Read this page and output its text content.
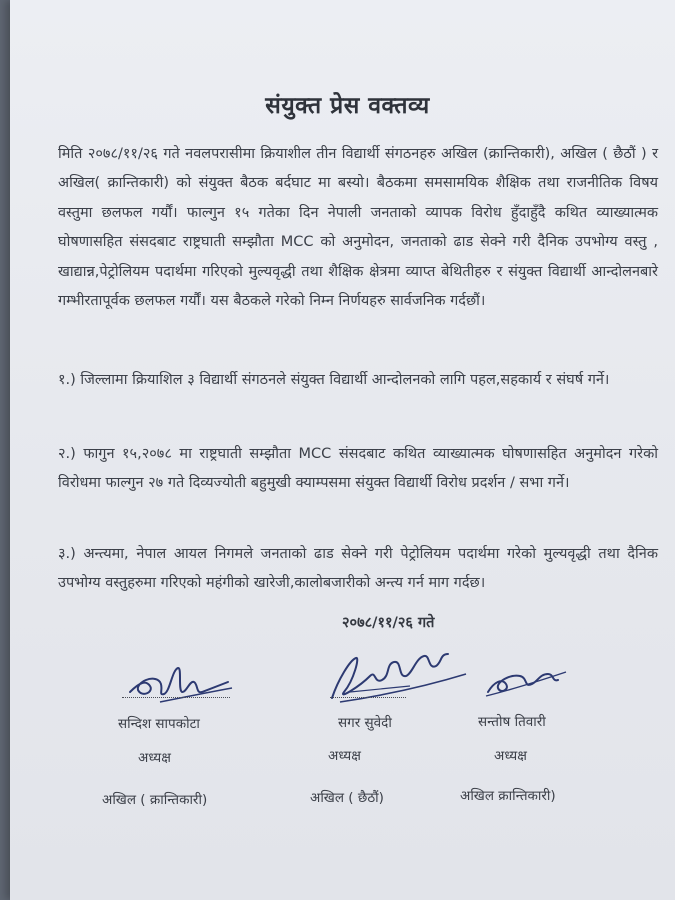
संयुक्त प्रेस वक्तव्य
मिति २०७८/११/२६ गते नवलपरासीमा क्रियाशील तीन विद्यार्थी संगठनहरु अखिल (क्रान्तिकारी), अखिल ( छैठौं ) र अखिल( क्रान्तिकारी) को संयुक्त बैठक बर्दघाट मा बस्यो। बैठकमा समसामयिक शैक्षिक तथा राजनीतिक विषय वस्तुमा छलफल गर्यौं। फाल्गुन १५ गतेका दिन नेपाली जनताको व्यापक विरोध हुँदाहुँदै कथित व्याख्यात्मक घोषणासहित संसदबाट राष्ट्रघाती सम्झौता MCC को अनुमोदन, जनताको ढाड सेक्ने गरी दैनिक उपभोग्य वस्तु , खाद्यान्न,पेट्रोलियम पदार्थमा गरिएको मुल्यवृद्धी तथा शैक्षिक क्षेत्रमा व्याप्त बेथितीहरु र संयुक्त विद्यार्थी आन्दोलनबारे गम्भीरतापूर्वक छलफल गर्यौं। यस बैठकले गरेको निम्न निर्णयहरु सार्वजनिक गर्दछौं।
१.) जिल्लामा क्रियाशिल ३ विद्यार्थी संगठनले संयुक्त विद्यार्थी आन्दोलनको लागि पहल,सहकार्य र संघर्ष गर्ने।
२.) फागुन १५,२०७८ मा राष्ट्रघाती सम्झौता MCC संसदबाट कथित व्याख्यात्मक घोषणासहित अनुमोदन गरेको विरोधमा फाल्गुन २७ गते दिव्यज्योती बहुमुखी क्याम्पसमा संयुक्त विद्यार्थी विरोध प्रदर्शन / सभा गर्ने।
३.) अन्त्यमा, नेपाल आयल निगमले जनताको ढाड सेक्ने गरी पेट्रोलियम पदार्थमा गरेको मुल्यवृद्धी तथा दैनिक उपभोग्य वस्तुहरुमा गरिएको महंगीको खारेजी,कालोबजारीको अन्त्य गर्न माग गर्दछ।
२०७८/११/२६ गते
सन्दिश सापकोटा	सगर सुवेदी	सन्तोष तिवारी
अध्यक्ष	अध्यक्ष	अध्यक्ष
अखिल ( क्रान्तिकारी)	अखिल ( छैठौं)	अखिल क्रान्तिकारी)
